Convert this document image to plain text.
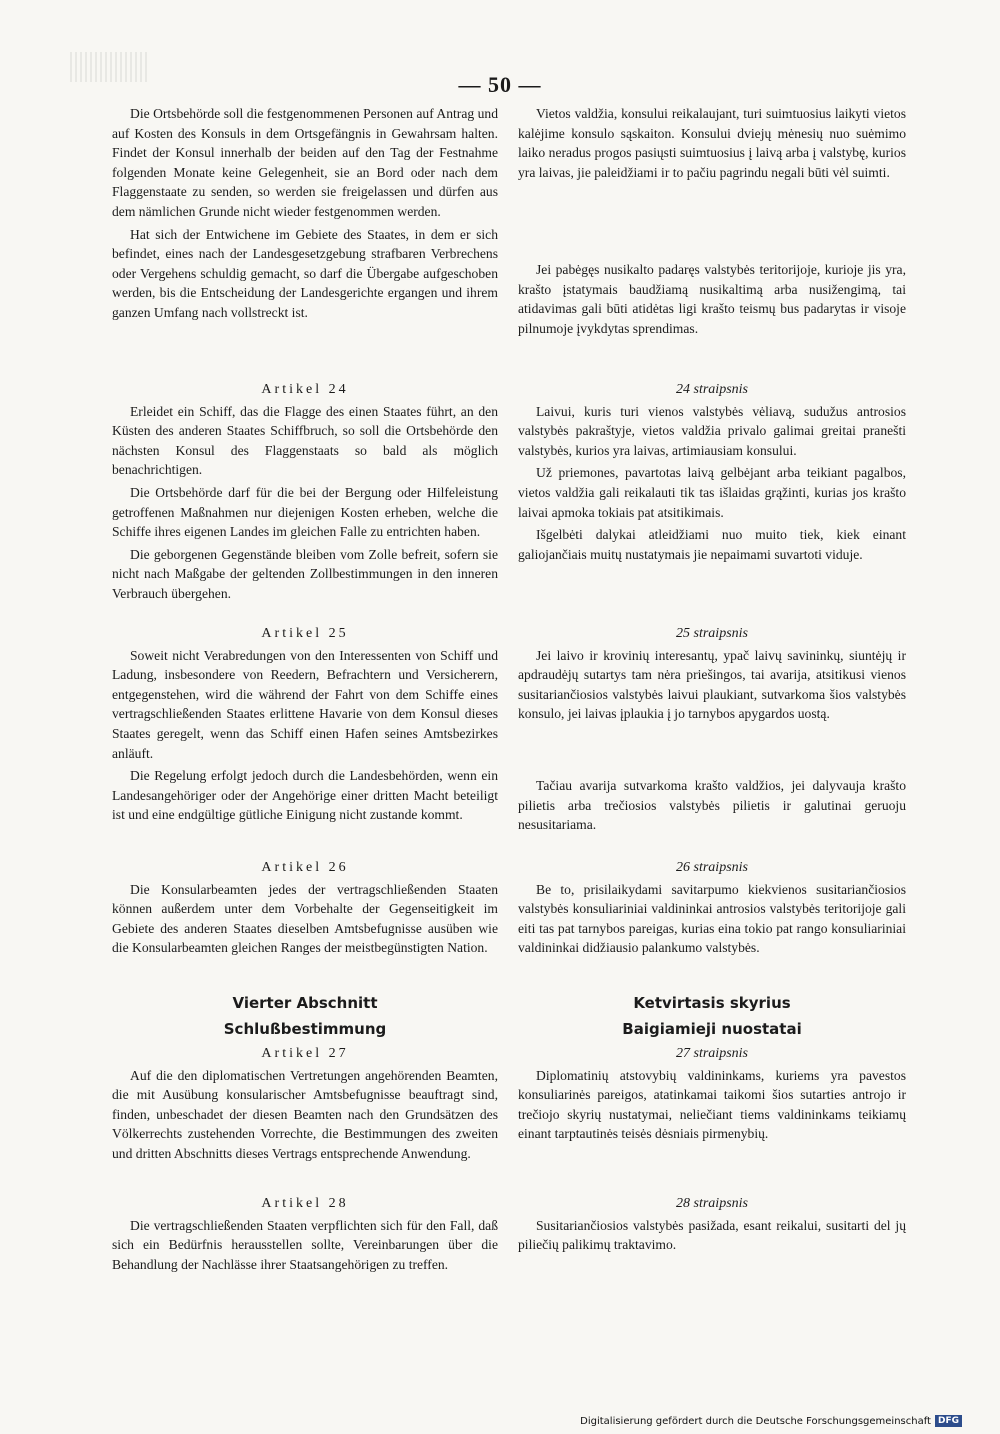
— 50 —

Die Ortsbehörde soll die festgenommenen Personen auf Antrag und auf Kosten des Konsuls in dem Ortsgefängnis in Gewahrsam halten. Findet der Konsul innerhalb der beiden auf den Tag der Festnahme folgenden Monate keine Gelegenheit, sie an Bord oder nach dem Flaggenstaate zu senden, so werden sie freigelassen und dürfen aus dem nämlichen Grunde nicht wieder festgenommen werden.

Hat sich der Entwichene im Gebiete des Staates, in dem er sich befindet, eines nach der Landesgesetzgebung strafbaren Verbrechens oder Vergehens schuldig gemacht, so darf die Übergabe aufgeschoben werden, bis die Entscheidung der Landesgerichte ergangen und ihrem ganzen Umfang nach vollstreckt ist.

Artikel 24

Erleidet ein Schiff, das die Flagge des einen Staates führt, an den Küsten des anderen Staates Schiffbruch, so soll die Ortsbehörde den nächsten Konsul des Flaggenstaats so bald als möglich benachrichtigen.

Die Ortsbehörde darf für die bei der Bergung oder Hilfeleistung getroffenen Maßnahmen nur diejenigen Kosten erheben, welche die Schiffe ihres eigenen Landes im gleichen Falle zu entrichten haben.

Die geborgenen Gegenstände bleiben vom Zolle befreit, sofern sie nicht nach Maßgabe der geltenden Zollbestimmungen in den inneren Verbrauch übergehen.

Artikel 25

Soweit nicht Verabredungen von den Interessenten von Schiff und Ladung, insbesondere von Reedern, Befrachtern und Versicherern, entgegenstehen, wird die während der Fahrt von dem Schiffe eines vertragschließenden Staates erlittene Havarie von dem Konsul dieses Staates geregelt, wenn das Schiff einen Hafen seines Amtsbezirkes anläuft.

Die Regelung erfolgt jedoch durch die Landesbehörden, wenn ein Landesangehöriger oder der Angehörige einer dritten Macht beteiligt ist und eine endgültige gütliche Einigung nicht zustande kommt.

Artikel 26

Die Konsularbeamten jedes der vertragschließenden Staaten können außerdem unter dem Vorbehalte der Gegenseitigkeit im Gebiete des anderen Staates dieselben Amtsbefugnisse ausüben wie die Konsularbeamten gleichen Ranges der meistbegünstigten Nation.

Vierter Abschnitt
Schlußbestimmung
Artikel 27

Auf die den diplomatischen Vertretungen angehörenden Beamten, die mit Ausübung konsularischer Amtsbefugnisse beauftragt sind, finden, unbeschadet der diesen Beamten nach den Grundsätzen des Völkerrechts zustehenden Vorrechte, die Bestimmungen des zweiten und dritten Abschnitts dieses Vertrags entsprechende Anwendung.

Artikel 28

Die vertragschließenden Staaten verpflichten sich für den Fall, daß sich ein Bedürfnis herausstellen sollte, Vereinbarungen über die Behandlung der Nachlässe ihrer Staatsangehörigen zu treffen.

Vietos valdžia, konsului reikalaujant, turi suimtuosius laikyti vietos kalėjime konsulo sąskaiton. Konsului dviejų mėnesių nuo suėmimo laiko neradus progos pasiųsti suimtuosius į laivą arba į valstybę, kurios yra laivas, jie paleidžiami ir to pačiu pagrindu negali būti vėl suimti.

Jei pabėgęs nusikalto padaręs valstybės teritorijoje, kurioje jis yra, krašto įstatymais baudžiamą nusikaltimą arba nusižengimą, tai atidavimas gali būti atidėtas ligi krašto teismų bus padarytas ir visoje pilnumoje įvykdytas sprendimas.

24 straipsnis

Laivui, kuris turi vienos valstybės vėliavą, sudužus antrosios valstybės pakraštyje, vietos valdžia privalo galimai greitai pranešti valstybės, kurios yra laivas, artimiausiam konsului.

Už priemones, pavartotas laivą gelbėjant arba teikiant pagalbos, vietos valdžia gali reikalauti tik tas išlaidas grąžinti, kurias jos krašto laivai apmoka tokiais pat atsitikimais.

Išgelbėti dalykai atleidžiami nuo muito tiek, kiek einant galiojančiais muitų nustatymais jie nepaimami suvartoti viduje.

25 straipsnis

Jei laivo ir krovinių interesantų, ypač laivų savininkų, siuntėjų ir apdraudėjų sutartys tam nėra priešingos, tai avarija, atsitikusi vienos susitariančiosios valstybės laivui plaukiant, sutvarkoma šios valstybės konsulo, jei laivas įplaukia į jo tarnybos apygardos uostą.

Tačiau avarija sutvarkoma krašto valdžios, jei dalyvauja krašto pilietis arba trečiosios valstybės pilietis ir galutinai geruoju nesusitariama.

26 straipsnis

Be to, prisilaikydami savitarpumo kiekvienos susitariančiosios valstybės konsuliariniai valdininkai antrosios valstybės teritorijoje gali eiti tas pat tarnybos pareigas, kurias eina tokio pat rango konsuliariniai valdininkai didžiausio palankumo valstybės.

Ketvirtasis skyrius
Baigiamieji nuostatai
27 straipsnis

Diplomatinių atstovybių valdininkams, kuriems yra pavestos konsuliarinės pareigos, atatinkamai taikomi šios sutarties antrojo ir trečiojo skyrių nustatymai, neliečiant tiems valdininkams teikiamų einant tarptautinės teisės dėsniais pirmenybių.

28 straipsnis

Susitariančiosios valstybės pasižada, esant reikalui, susitarti del jų piliečių palikimų traktavimo.

Digitalisierung gefördert durch die Deutsche Forschungsgemeinschaft DFG
